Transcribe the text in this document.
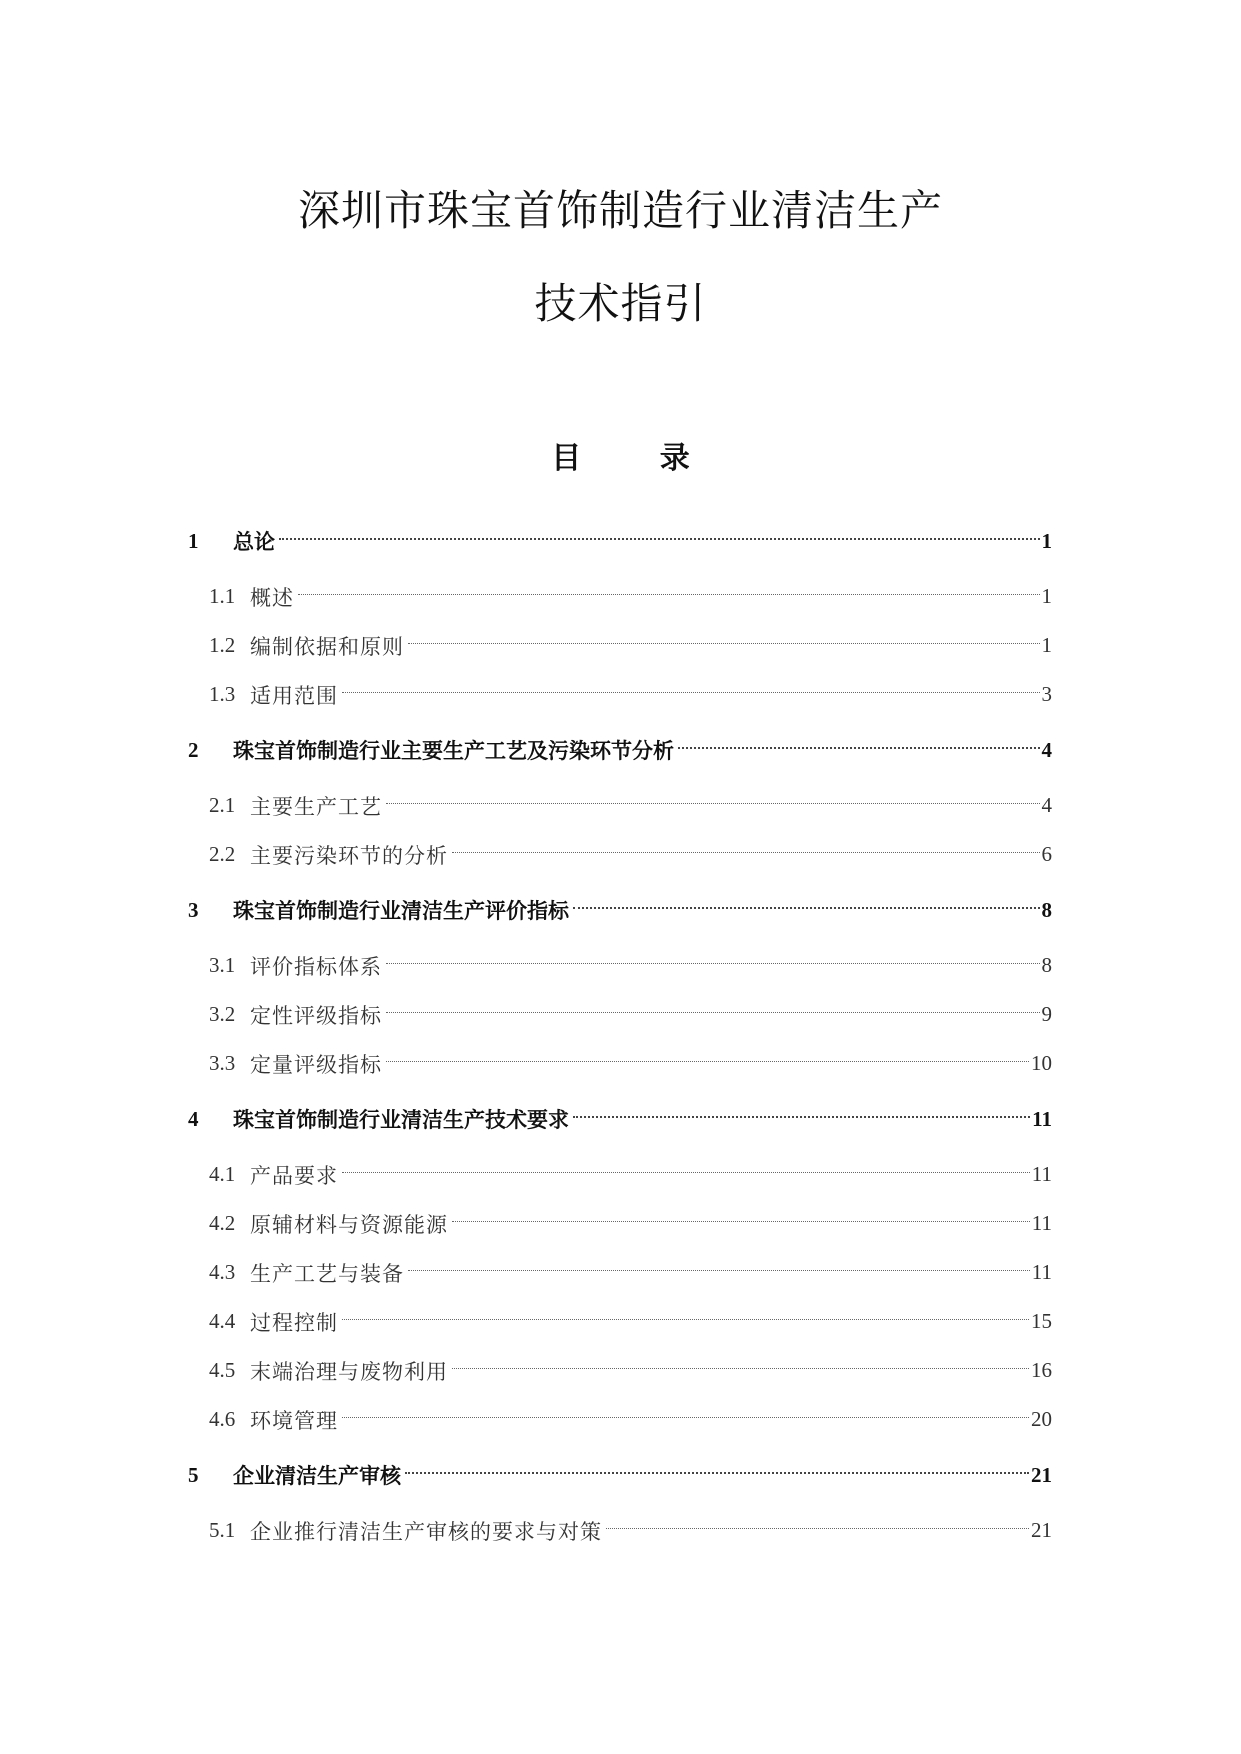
深圳市珠宝首饰制造行业清洁生产
技术指引
目 录
1	总论	1
1.1 概述	1
1.2 编制依据和原则	1
1.3 适用范围	3
2	珠宝首饰制造行业主要生产工艺及污染环节分析	4
2.1 主要生产工艺	4
2.2 主要污染环节的分析	6
3	珠宝首饰制造行业清洁生产评价指标	8
3.1 评价指标体系	8
3.2 定性评级指标	9
3.3 定量评级指标	10
4	珠宝首饰制造行业清洁生产技术要求	11
4.1 产品要求	11
4.2 原辅材料与资源能源	11
4.3 生产工艺与装备	11
4.4 过程控制	15
4.5 末端治理与废物利用	16
4.6 环境管理	20
5	企业清洁生产审核	21
5.1 企业推行清洁生产审核的要求与对策	21
